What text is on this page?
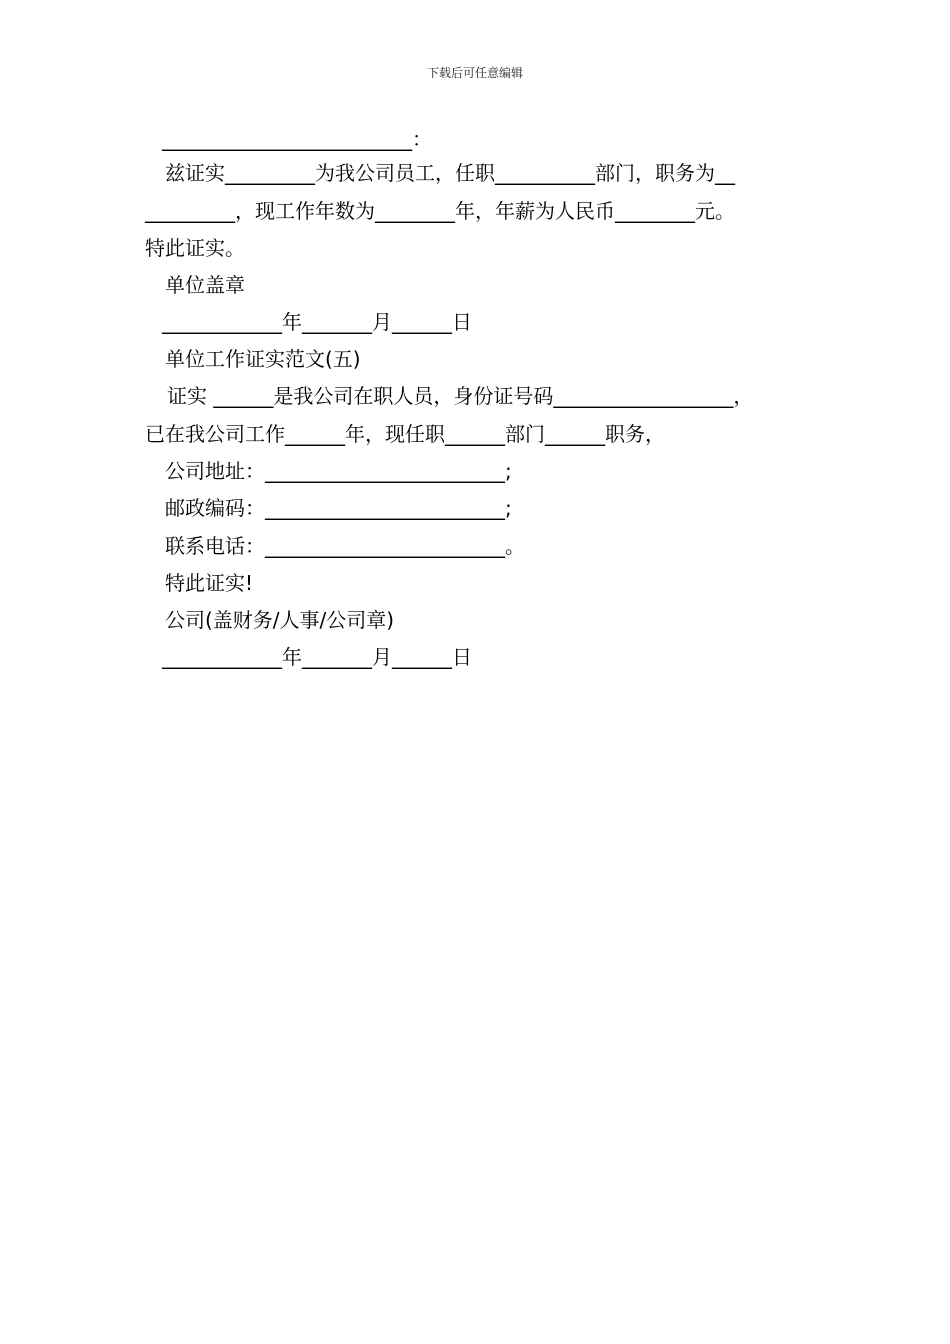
下载后可任意编辑
_________________________：
兹证实_________为我公司员工，任职__________部门，职务为__
_________，现工作年数为________年，年薪为人民币________元。
特此证实。
单位盖章
____________年_______月______日
单位工作证实范文(五)
证实 ______是我公司在职人员，身份证号码__________________，
已在我公司工作______年，现任职______部门______职务，
公司地址：________________________;
邮政编码：________________________;
联系电话：________________________。
特此证实!
公司(盖财务/人事/公司章)
____________年_______月______日
